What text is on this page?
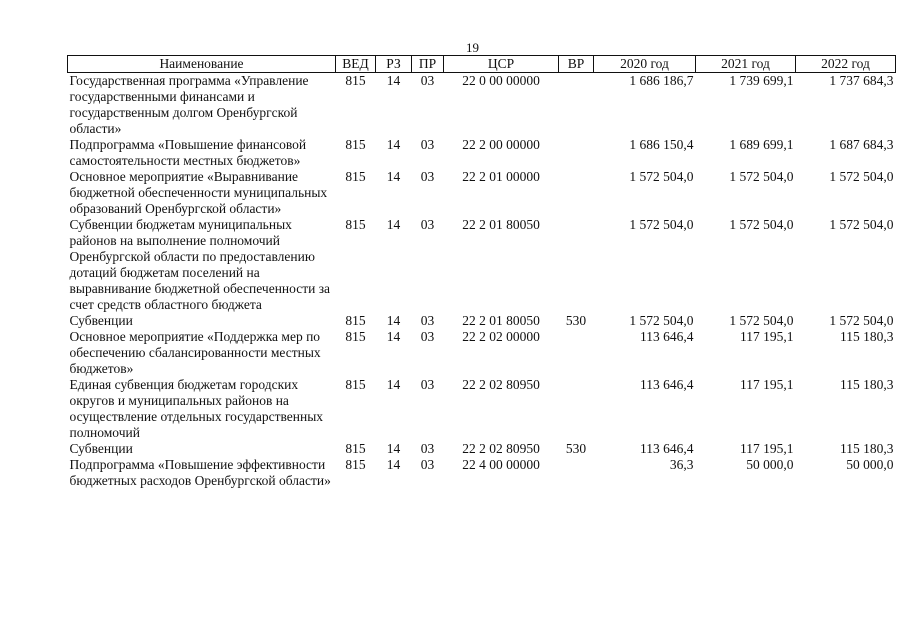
19
Наименование	ВЕД	РЗ	ПР	ЦСР	ВР	2020 год	2021 год	2022 год
Государственная программа «Управление государственными финансами и государственным долгом Оренбургской области»	815	14	03	22 0 00 00000		1 686 186,7	1 739 699,1	1 737 684,3
Подпрограмма «Повышение финансовой самостоятельности местных бюджетов»	815	14	03	22 2 00 00000		1 686 150,4	1 689 699,1	1 687 684,3
Основное мероприятие «Выравнивание бюджетной обеспеченности муниципальных образований Оренбургской области»	815	14	03	22 2 01 00000		1 572 504,0	1 572 504,0	1 572 504,0
Субвенции бюджетам муниципальных районов на выполнение полномочий Оренбургской области по предоставлению дотаций бюджетам поселений на выравнивание бюджетной обеспеченности за счет средств областного бюджета	815	14	03	22 2 01 80050		1 572 504,0	1 572 504,0	1 572 504,0
Субвенции	815	14	03	22 2 01 80050	530	1 572 504,0	1 572 504,0	1 572 504,0
Основное мероприятие «Поддержка мер по обеспечению сбалансированности местных бюджетов»	815	14	03	22 2 02 00000		113 646,4	117 195,1	115 180,3
Единая субвенция бюджетам городских округов и муниципальных районов на осуществление отдельных государственных полномочий	815	14	03	22 2 02 80950		113 646,4	117 195,1	115 180,3
Субвенции	815	14	03	22 2 02 80950	530	113 646,4	117 195,1	115 180,3
Подпрограмма «Повышение эффективности бюджетных расходов Оренбургской области»	815	14	03	22 4 00 00000		36,3	50 000,0	50 000,0
